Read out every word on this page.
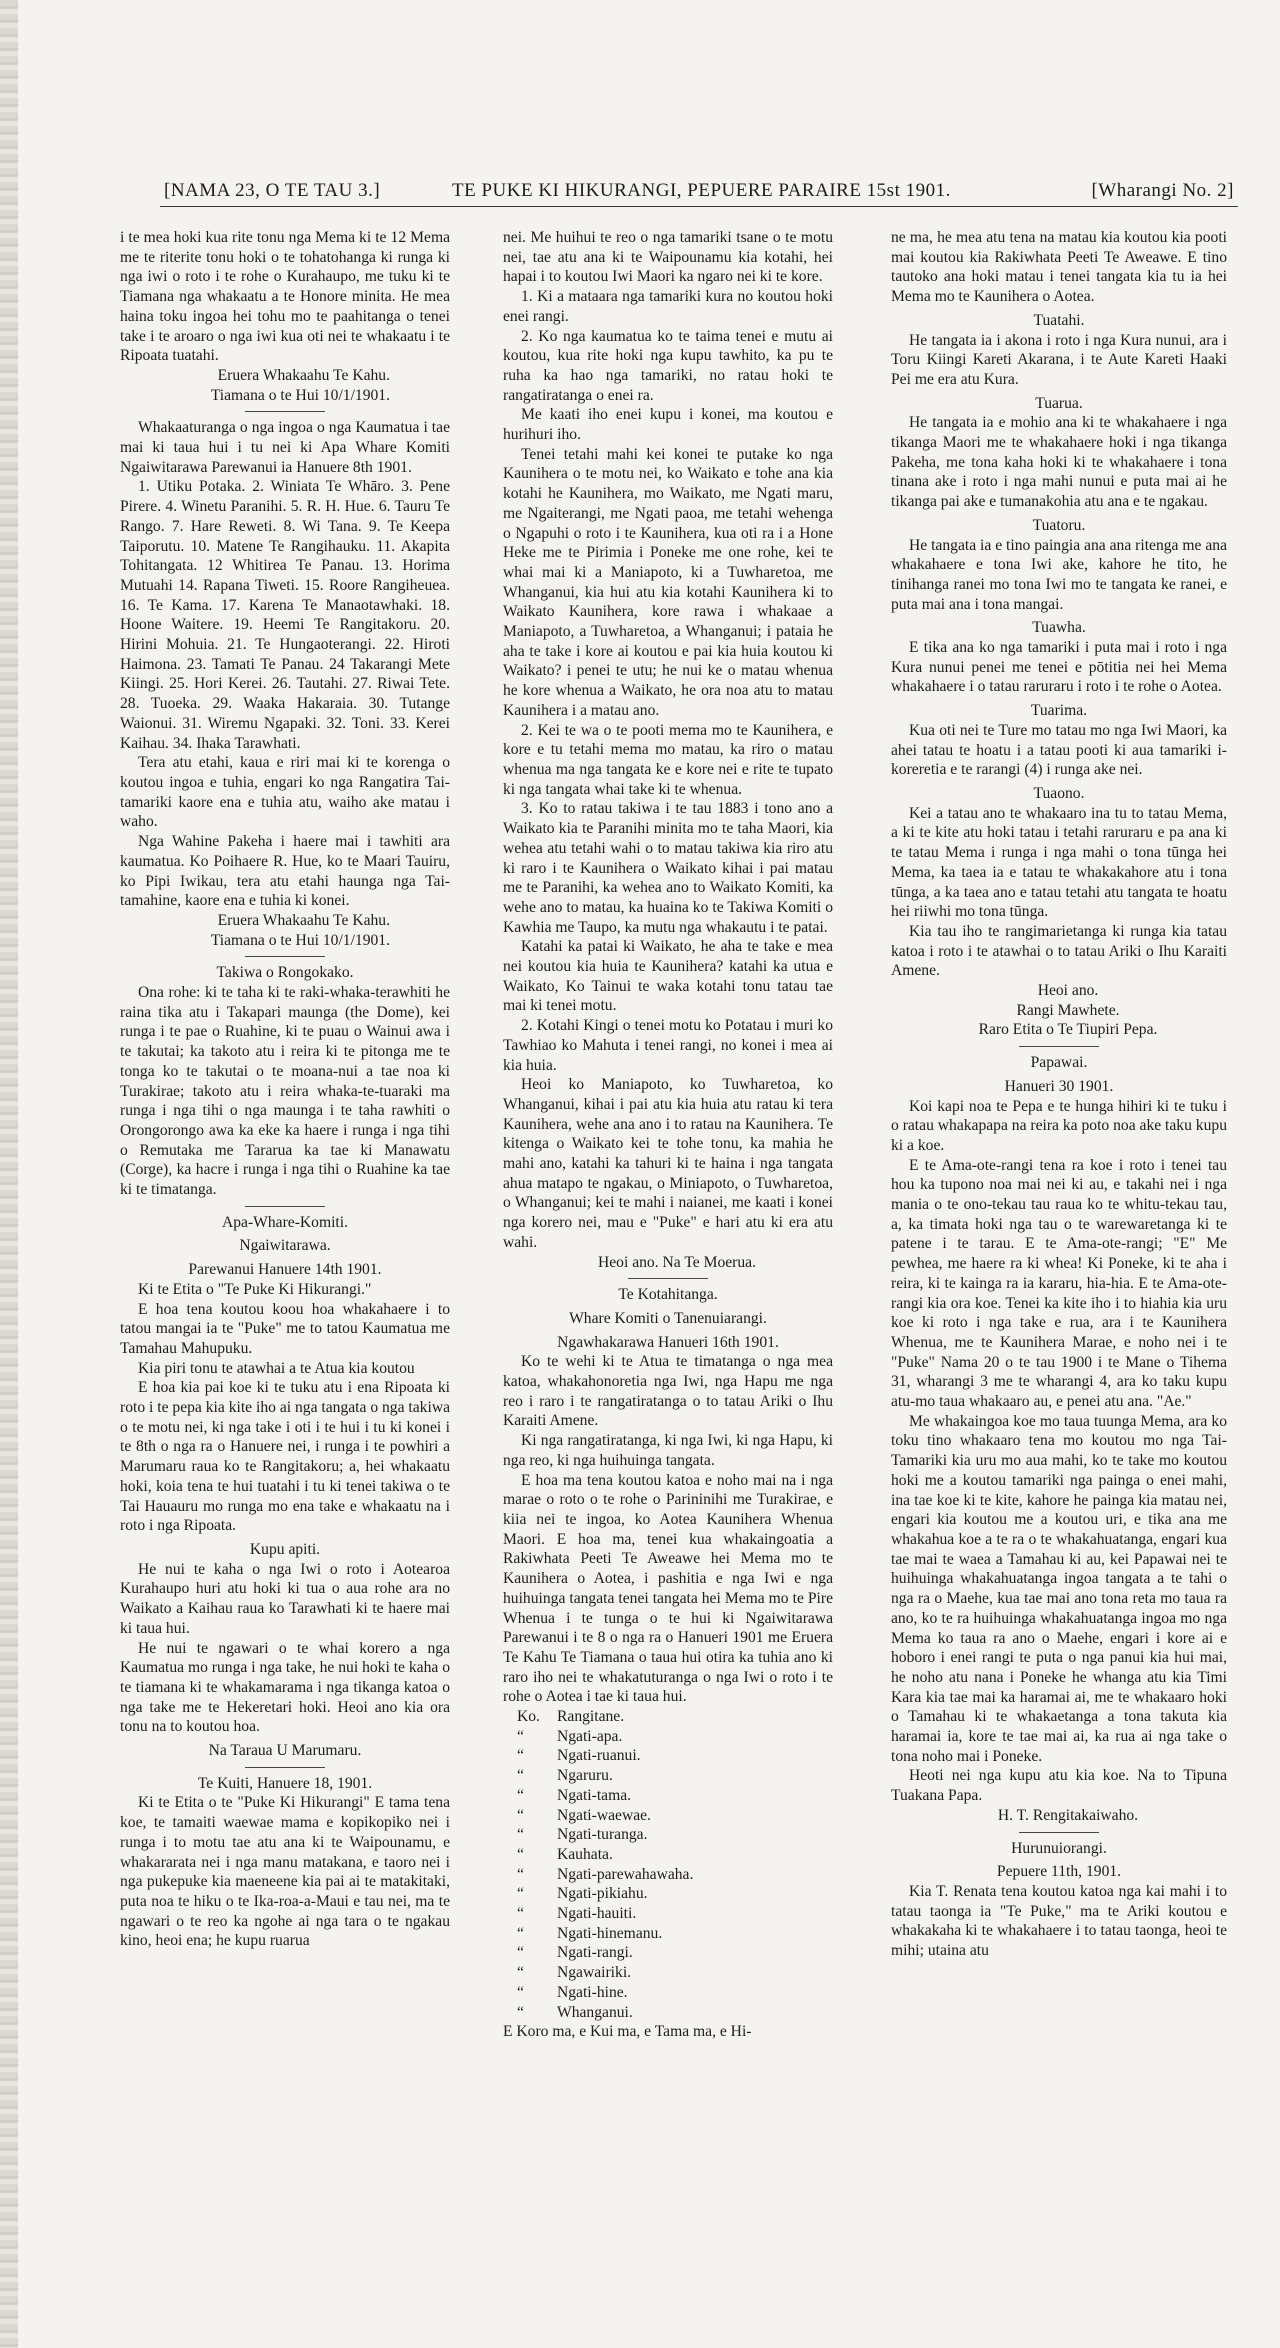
[NAMA 23, O TE TAU 3.]	TE PUKE KI HIKURANGI, PEPUERE PARAIRE 15st 1901.	[Wharangi No. 2]

i te mea hoki kua rite tonu nga Mema ki te 12 Mema me te riterite tonu hoki o te tohatohanga ki runga ki nga iwi o roto i te rohe o Kurahaupo, me tuku ki te Tiamana nga whakaatu a te Honore minita. He mea haina toku ingoa hei tohu mo te paahitanga o tenei take i te aroaro o nga iwi kua oti nei te whakaatu i te Ripoata tuatahi.

Eruera Whakaahu Te Kahu.

Tiamana o te Hui 10/1/1901.

Whakaaturanga o nga ingoa o nga Kaumatua i tae mai ki taua hui i tu nei ki Apa Whare Komiti Ngaiwitarawa Parewanui ia Hanuere 8th 1901.

1. Utiku Potaka. 2. Winiata Te Whāro. 3. Pene Pirere. 4. Winetu Paranihi. 5. R. H. Hue. 6. Tauru Te Rango. 7. Hare Reweti. 8. Wi Tana. 9. Te Keepa Taiporutu. 10. Matene Te Rangihauku. 11. Akapita Tohitangata. 12 Whitirea Te Panau. 13. Horima Mutuahi 14. Rapana Tiweti. 15. Roore Rangiheuea. 16. Te Kama. 17. Karena Te Manaotawhaki. 18. Hoone Waitere. 19. Heemi Te Rangitakoru. 20. Hirini Mohuia. 21. Te Hungaoterangi. 22. Hiroti Haimona. 23. Tamati Te Panau. 24 Takarangi Mete Kiingi. 25. Hori Kerei. 26. Tautahi. 27. Riwai Tete. 28. Tuoeka. 29. Waaka Hakaraia. 30. Tutange Waionui. 31. Wiremu Ngapaki. 32. Toni. 33. Kerei Kaihau. 34. Ihaka Tarawhati.

Tera atu etahi, kaua e riri mai ki te korenga o koutou ingoa e tuhia, engari ko nga Rangatira Tai-tamariki kaore ena e tuhia atu, waiho ake matau i waho.

Nga Wahine Pakeha i haere mai i tawhiti ara kaumatua. Ko Poihaere R. Hue, ko te Maari Tauiru, ko Pipi Iwikau, tera atu etahi haunga nga Tai-tamahine, kaore ena e tuhia ki konei.

Eruera Whakaahu Te Kahu.

Tiamana o te Hui 10/1/1901.

Takiwa o Rongokako.

Ona rohe: ki te taha ki te raki-whaka-terawhiti he raina tika atu i Takapari maunga (the Dome), kei runga i te pae o Ruahine, ki te puau o Wainui awa i te takutai; ka takoto atu i reira ki te pitonga me te tonga ko te takutai o te moana-nui a tae noa ki Turakirae; takoto atu i reira whaka-te-tuaraki ma runga i nga tihi o nga maunga i te taha rawhiti o Orongorongo awa ka eke ka haere i runga i nga tihi o Remutaka me Tararua ka tae ki Manawatu (Corge), ka hacre i runga i nga tihi o Ruahine ka tae ki te timatanga.

Apa-Whare-Komiti.
Ngaiwitarawa.
Parewanui Hanuere 14th 1901.

Ki te Etita o "Te Puke Ki Hikurangi."

E hoa tena koutou koou hoa whakahaere i to tatou mangai ia te "Puke" me to tatou Kaumatua me Tamahau Mahupuku.

Kia piri tonu te atawhai a te Atua kia koutou

E hoa kia pai koe ki te tuku atu i ena Ripoata ki roto i te pepa kia kite iho ai nga tangata o nga takiwa o te motu nei, ki nga take i oti i te hui i tu ki konei i te 8th o nga ra o Hanuere nei, i runga i te powhiri a Marumaru raua ko te Rangitakoru; a, hei whakaatu hoki, koia tena te hui tuatahi i tu ki tenei takiwa o te Tai Hauauru mo runga mo ena take e whakaatu na i roto i nga Ripoata.

Kupu apiti.

He nui te kaha o nga Iwi o roto i Aotearoa Kurahaupo huri atu hoki ki tua o aua rohe ara no Waikato a Kaihau raua ko Tarawhati ki te haere mai ki taua hui.

He nui te ngawari o te whai korero a nga Kaumatua mo runga i nga take, he nui hoki te kaha o te tiamana ki te whakamarama i nga tikanga katoa o nga take me te Hekeretari hoki. Heoi ano kia ora tonu na to koutou hoa.

Na Taraua U Marumaru.
Te Kuiti, Hanuere 18, 1901.

Ki te Etita o te "Puke Ki Hikurangi" E tama tena koe, te tamaiti waewae mama e kopikopiko nei i runga i to motu tae atu ana ki te Waipounamu, e whakararata nei i nga manu matakana, e taoro nei i nga pukepuke kia maeneene kia pai ai te matakitaki, puta noa te hiku o te Ika-roa-a-Maui e tau nei, ma te ngawari o te reo ka ngohe ai nga tara o te ngakau kino, heoi ena; he kupu ruarua

nei. Me huihui te reo o nga tamariki tsane o te motu nei, tae atu ana ki te Waipounamu kia kotahi, hei hapai i to koutou Iwi Maori ka ngaro nei ki te kore.

1. Ki a mataara nga tamariki kura no koutou hoki enei rangi.

2. Ko nga kaumatua ko te taima tenei e mutu ai koutou, kua rite hoki nga kupu tawhito, ka pu te ruha ka hao nga tamariki, no ratau hoki te rangatiratanga o enei ra.

Me kaati iho enei kupu i konei, ma koutou e hurihuri iho.

Tenei tetahi mahi kei konei te putake ko nga Kaunihera o te motu nei, ko Waikato e tohe ana kia kotahi he Kaunihera, mo Waikato, me Ngati maru, me Ngaiterangi, me Ngati paoa, me tetahi wehenga o Ngapuhi o roto i te Kaunihera, kua oti ra i a Hone Heke me te Pirimia i Poneke me one rohe, kei te whai mai ki a Maniapoto, ki a Tuwharetoa, me Whanganui, kia hui atu kia kotahi Kaunihera ki to Waikato Kaunihera, kore rawa i whakaae a Maniapoto, a Tuwharetoa, a Whanganui; i pataia he aha te take i kore ai koutou e pai kia huia koutou ki Waikato? i penei te utu; he nui ke o matau whenua he kore whenua a Waikato, he ora noa atu to matau Kaunihera i a matau ano.

2. Kei te wa o te pooti mema mo te Kaunihera, e kore e tu tetahi mema mo matau, ka riro o matau whenua ma nga tangata ke e kore nei e rite te tupato ki nga tangata whai take ki te whenua.

3. Ko to ratau takiwa i te tau 1883 i tono ano a Waikato kia te Paranihi minita mo te taha Maori, kia wehea atu tetahi wahi o to matau takiwa kia riro atu ki raro i te Kaunihera o Waikato kihai i pai matau me te Paranihi, ka wehea ano to Waikato Komiti, ka wehe ano to matau, ka huaina ko te Takiwa Komiti o Kawhia me Taupo, ka mutu nga whakautu i te patai.

Katahi ka patai ki Waikato, he aha te take e mea nei koutou kia huia te Kaunihera? katahi ka utua e Waikato, Ko Tainui te waka kotahi tonu tatau tae mai ki tenei motu.

2. Kotahi Kingi o tenei motu ko Potatau i muri ko Tawhiao ko Mahuta i tenei rangi, no konei i mea ai kia huia.

Heoi ko Maniapoto, ko Tuwharetoa, ko Whanganui, kihai i pai atu kia huia atu ratau ki tera Kaunihera, wehe ana ano i to ratau na Kaunihera. Te kitenga o Waikato kei te tohe tonu, ka mahia he mahi ano, katahi ka tahuri ki te haina i nga tangata ahua matapo te ngakau, o Miniapoto, o Tuwharetoa, o Whanganui; kei te mahi i naianei, me kaati i konei nga korero nei, mau e "Puke" e hari atu ki era atu wahi.

Heoi ano. Na Te Moerua.

Te Kotahitanga.
Whare Komiti o Tanenuiarangi.
Ngawhakarawa Hanueri 16th 1901.

Ko te wehi ki te Atua te timatanga o nga mea katoa, whakahonoretia nga Iwi, nga Hapu me nga reo i raro i te rangatiratanga o to tatau Ariki o Ihu Karaiti Amene.

Ki nga rangatiratanga, ki nga Iwi, ki nga Hapu, ki nga reo, ki nga huihuinga tangata.

E hoa ma tena koutou katoa e noho mai na i nga marae o roto o te rohe o Parininihi me Turakirae, e kiia nei te ingoa, ko Aotea Kaunihera Whenua Maori. E hoa ma, tenei kua whakaingoatia a Rakiwhata Peeti Te Aweawe hei Mema mo te Kaunihera o Aotea, i pashitia e nga Iwi e nga huihuinga tangata tenei tangata hei Mema mo te Pire Whenua i te tunga o te hui ki Ngaiwitarawa Parewanui i te 8 o nga ra o Hanueri 1901 me Eruera Te Kahu Te Tiamana o taua hui otira ka tuhia ano ki raro iho nei te whakatuturanga o nga Iwi o roto i te rohe o Aotea i tae ki taua hui.

Ko. Rangitane.
“ Ngati-apa.
“ Ngati-ruanui.
“ Ngaruru.
“ Ngati-tama.
“ Ngati-waewae.
“ Ngati-turanga.
“ Kauhata.
“ Ngati-parewahawaha.
“ Ngati-pikiahu.
“ Ngati-hauiti.
“ Ngati-hinemanu.
“ Ngati-rangi.
“ Ngawairiki.
“ Ngati-hine.
“ Whanganui.

E Koro ma, e Kui ma, e Tama ma, e Hi-

ne ma, he mea atu tena na matau kia koutou kia pooti mai koutou kia Rakiwhata Peeti Te Aweawe. E tino tautoko ana hoki matau i tenei tangata kia tu ia hei Mema mo te Kaunihera o Aotea.

Tuatahi.

He tangata ia i akona i roto i nga Kura nunui, ara i Toru Kiingi Kareti Akarana, i te Aute Kareti Haaki Pei me era atu Kura.

Tuarua.

He tangata ia e mohio ana ki te whakahaere i nga tikanga Maori me te whakahaere hoki i nga tikanga Pakeha, me tona kaha hoki ki te whakahaere i tona tinana ake i roto i nga mahi nunui e puta mai ai he tikanga pai ake e tumanakohia atu ana e te ngakau.

Tuatoru.

He tangata ia e tino paingia ana ana ritenga me ana whakahaere e tona Iwi ake, kahore he tito, he tinihanga ranei mo tona Iwi mo te tangata ke ranei, e puta mai ana i tona mangai.

Tuawha.

E tika ana ko nga tamariki i puta mai i roto i nga Kura nunui penei me tenei e pōtitia nei hei Mema whakahaere i o tatau raruraru i roto i te rohe o Aotea.

Tuarima.

Kua oti nei te Ture mo tatau mo nga Iwi Maori, ka ahei tatau te hoatu i a tatau pooti ki aua tamariki i-koreretia e te rarangi (4) i runga ake nei.

Tuaono.

Kei a tatau ano te whakaaro ina tu to tatau Mema, a ki te kite atu hoki tatau i tetahi raruraru e pa ana ki te tatau Mema i runga i nga mahi o tona tūnga hei Mema, ka taea ia e tatau te whakakahore atu i tona tūnga, a ka taea ano e tatau tetahi atu tangata te hoatu hei riiwhi mo tona tūnga.

Kia tau iho te rangimarietanga ki runga kia tatau katoa i roto i te atawhai o to tatau Ariki o Ihu Karaiti Amene.

Heoi ano.

Rangi Mawhete.

Raro Etita o Te Tiupiri Pepa.

Papawai.
Hanueri 30 1901.

Koi kapi noa te Pepa e te hunga hihiri ki te tuku i o ratau whakapapa na reira ka poto noa ake taku kupu ki a koe.

E te Ama-ote-rangi tena ra koe i roto i tenei tau hou ka tupono noa mai nei ki au, e takahi nei i nga mania o te ono-tekau tau raua ko te whitu-tekau tau, a, ka timata hoki nga tau o te warewaretanga ki te patene i te tarau. E te Ama-ote-rangi; "E" Me pewhea, me haere ra ki whea! Ki Poneke, ki te aha i reira, ki te kainga ra ia kararu, hia-hia. E te Ama-ote-rangi kia ora koe. Tenei ka kite iho i to hiahia kia uru koe ki roto i nga take e rua, ara i te Kaunihera Whenua, me te Kaunihera Marae, e noho nei i te "Puke" Nama 20 o te tau 1900 i te Mane o Tihema 31, wharangi 3 me te wharangi 4, ara ko taku kupu atu-mo taua whakaaro au, e penei atu ana. "Ae."

Me whakaingoa koe mo taua tuunga Mema, ara ko toku tino whakaaro tena mo koutou mo nga Tai-Tamariki kia uru mo aua mahi, ko te take mo koutou hoki me a koutou tamariki nga painga o enei mahi, ina tae koe ki te kite, kahore he painga kia matau nei, engari kia koutou me a koutou uri, e tika ana me whakahua koe a te ra o te whakahuatanga, engari kua tae mai te waea a Tamahau ki au, kei Papawai nei te huihuinga whakahuatanga ingoa tangata a te tahi o nga ra o Maehe, kua tae mai ano tona reta mo taua ra ano, ko te ra huihuinga whakahuatanga ingoa mo nga Mema ko taua ra ano o Maehe, engari i kore ai e hoboro i enei rangi te puta o nga panui kia hui mai, he noho atu nana i Poneke he whanga atu kia Timi Kara kia tae mai ka haramai ai, me te whakaaro hoki o Tamahau ki te whakaetanga a tona takuta kia haramai ia, kore te tae mai ai, ka rua ai nga take o tona noho mai i Poneke.

Heoti nei nga kupu atu kia koe. Na to Tipuna Tuakana Papa.

H. T. Rengitakaiwaho.

Hurunuiorangi.
Pepuere 11th, 1901.

Kia T. Renata tena koutou katoa nga kai mahi i to tatau taonga ia "Te Puke," ma te Ariki koutou e whakakaha ki te whakahaere i to tatau taonga, heoi te mihi; utaina atu
